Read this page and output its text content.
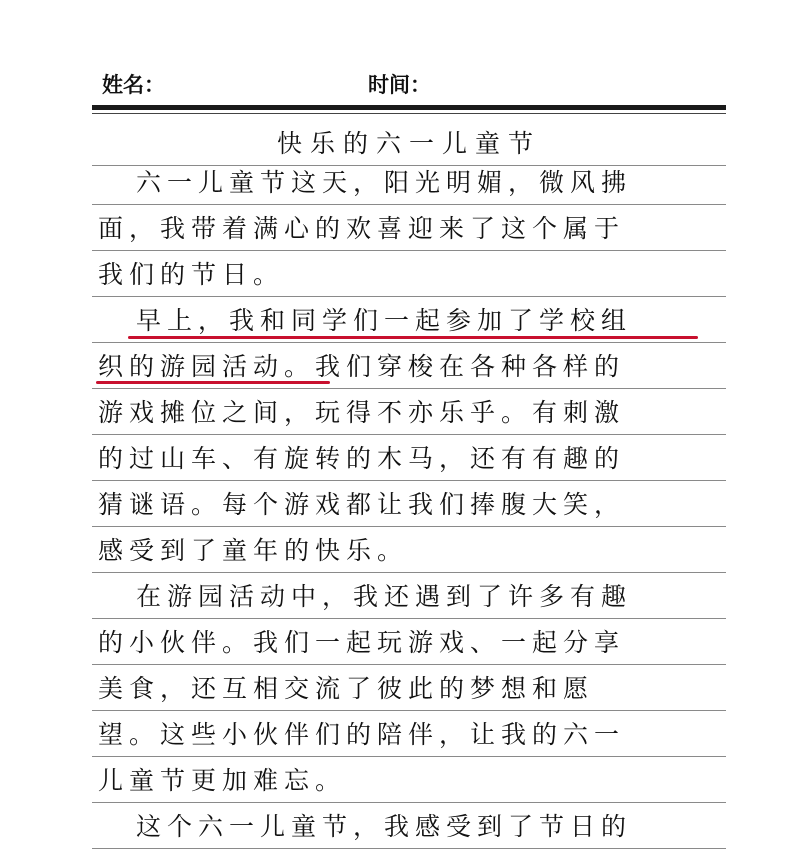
姓名：	时间：
快乐的六一儿童节
六一儿童节这天，阳光明媚，微风拂
面，我带着满心的欢喜迎来了这个属于
我们的节日。
早上，我和同学们一起参加了学校组
织的游园活动。我们穿梭在各种各样的
游戏摊位之间，玩得不亦乐乎。有刺激
的过山车、有旋转的木马，还有有趣的
猜谜语。每个游戏都让我们捧腹大笑，
感受到了童年的快乐。
在游园活动中，我还遇到了许多有趣
的小伙伴。我们一起玩游戏、一起分享
美食，还互相交流了彼此的梦想和愿
望。这些小伙伴们的陪伴，让我的六一
儿童节更加难忘。
这个六一儿童节，我感受到了节日的
